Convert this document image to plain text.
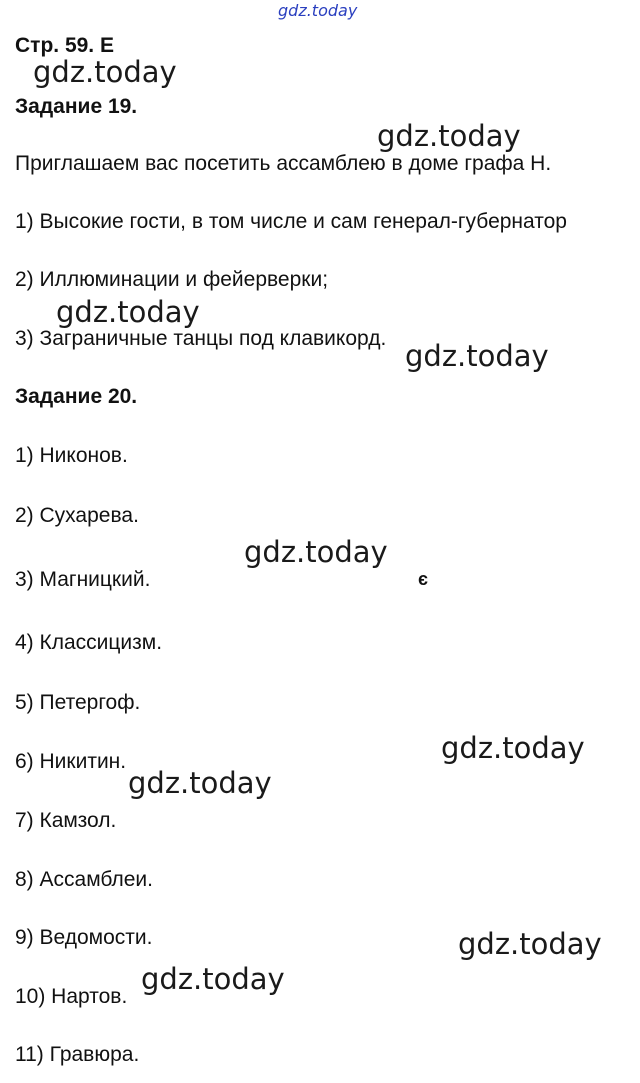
gdz.today
Стр. 59. E
Задание 19.
Приглашаем вас посетить ассамблею в доме графа Н.
1) Высокие гости, в том числе и сам генерал-губернатор
2) Иллюминации и фейерверки;
3) Заграничные танцы под клавикорд.
Задание 20.
1) Никонов.
2) Сухарева.
3) Магницкий.
4) Классицизм.
5) Петергоф.
6) Никитин.
7) Камзол.
8) Ассамблеи.
9) Ведомости.
10) Нартов.
11) Гравюра.
є
gdz.today
gdz.today
gdz.today
gdz.today
gdz.today
gdz.today
gdz.today
gdz.today
gdz.today
